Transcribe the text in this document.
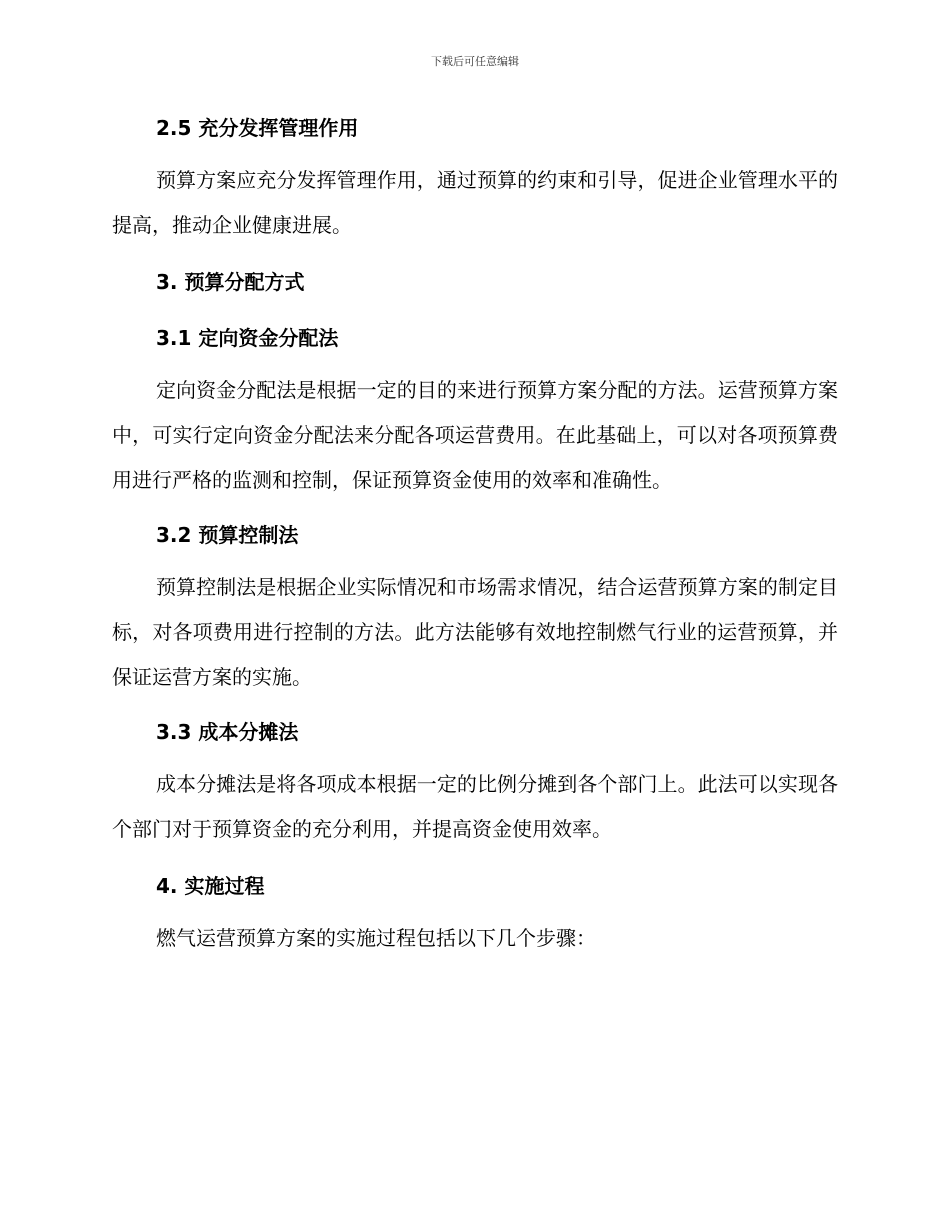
下载后可任意编辑

2.5 充分发挥管理作用

预算方案应充分发挥管理作用，通过预算的约束和引导，促进企业管理水平的提高，推动企业健康进展。

3. 预算分配方式

3.1 定向资金分配法

定向资金分配法是根据一定的目的来进行预算方案分配的方法。运营预算方案中，可实行定向资金分配法来分配各项运营费用。在此基础上，可以对各项预算费用进行严格的监测和控制，保证预算资金使用的效率和准确性。

3.2 预算控制法

预算控制法是根据企业实际情况和市场需求情况，结合运营预算方案的制定目标，对各项费用进行控制的方法。此方法能够有效地控制燃气行业的运营预算，并保证运营方案的实施。

3.3 成本分摊法

成本分摊法是将各项成本根据一定的比例分摊到各个部门上。此法可以实现各个部门对于预算资金的充分利用，并提高资金使用效率。

4. 实施过程

燃气运营预算方案的实施过程包括以下几个步骤：
